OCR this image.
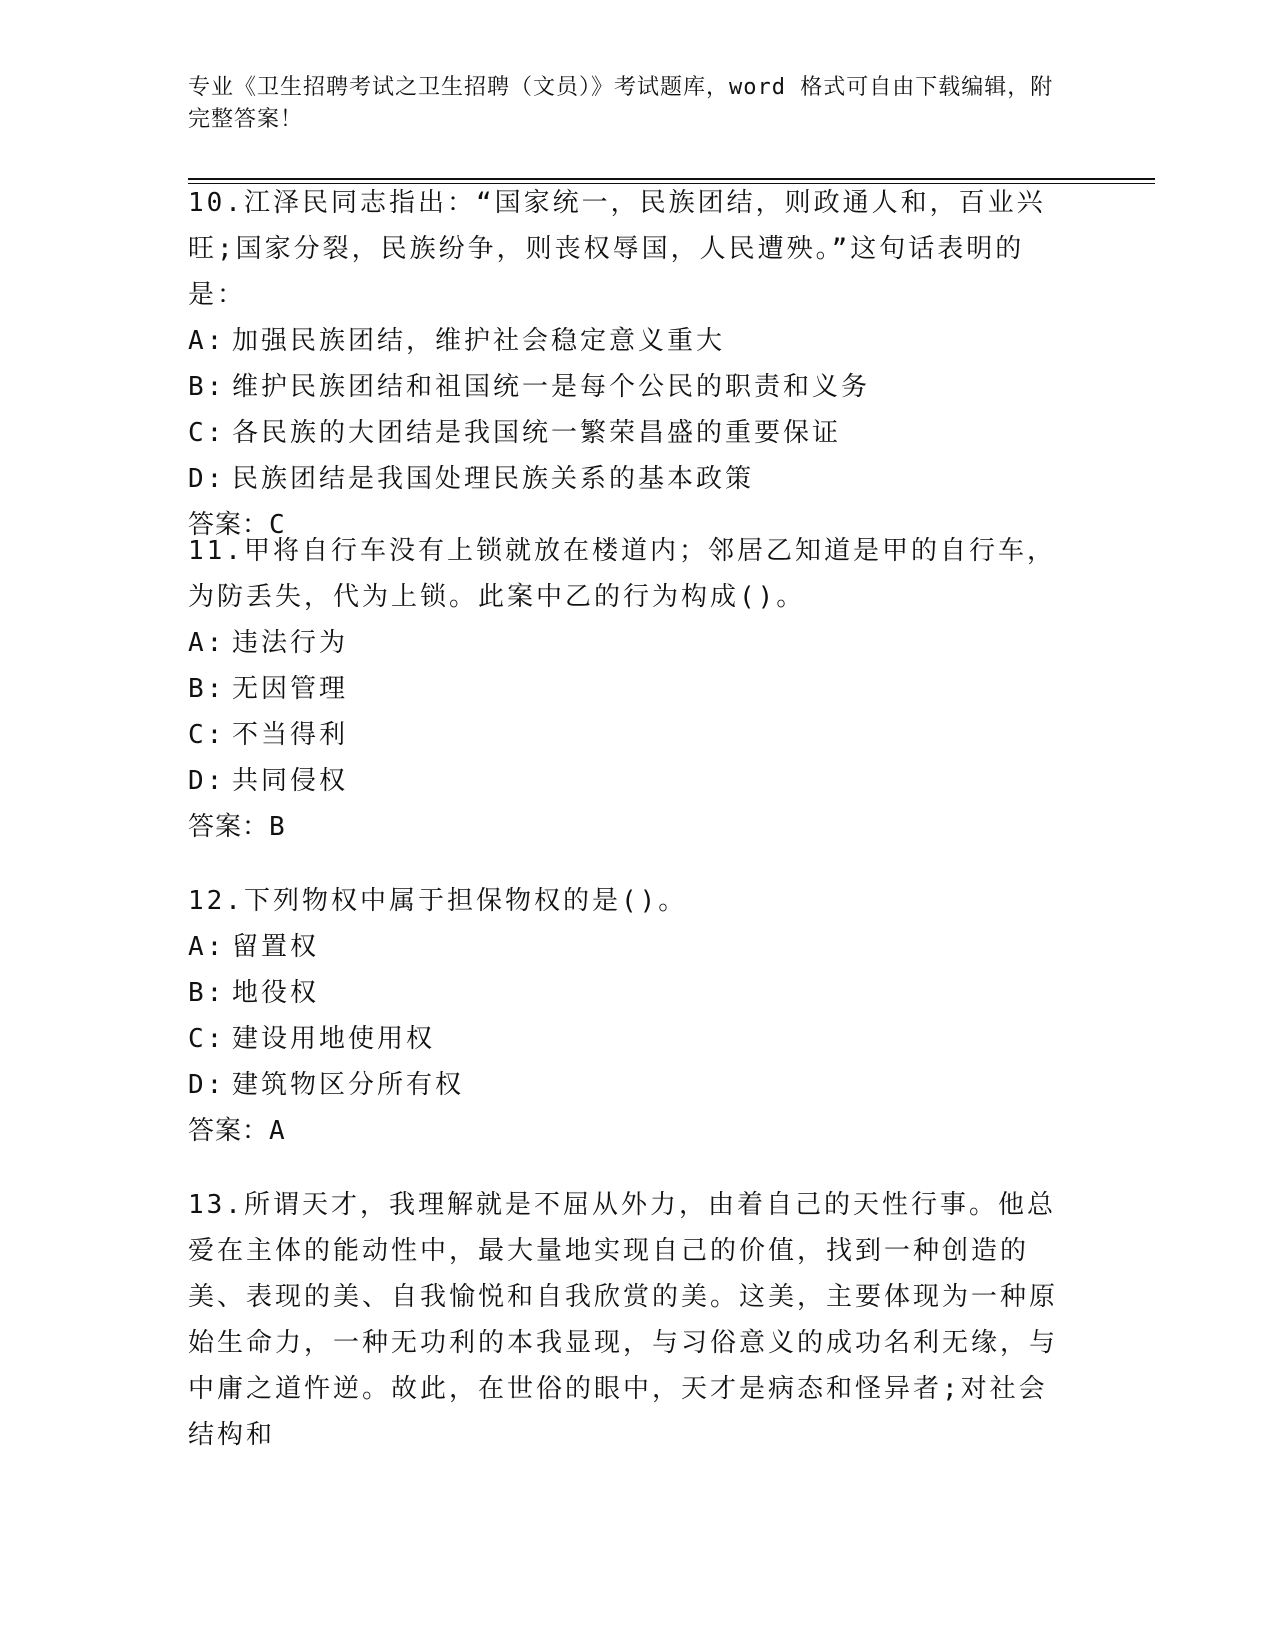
专业《卫生招聘考试之卫生招聘（文员）》考试题库，word 格式可自由下载编辑，附完整答案！
10.江泽民同志指出：“国家统一，民族团结，则政通人和，百业兴旺;国家分裂，民族纷争，则丧权辱国，人民遭殃。”这句话表明的是：
A: 加强民族团结，维护社会稳定意义重大
B: 维护民族团结和祖国统一是每个公民的职责和义务
C: 各民族的大团结是我国统一繁荣昌盛的重要保证
D: 民族团结是我国处理民族关系的基本政策
答案：C
11.甲将自行车没有上锁就放在楼道内；邻居乙知道是甲的自行车，为防丢失，代为上锁。此案中乙的行为构成()。
A: 违法行为
B: 无因管理
C: 不当得利
D: 共同侵权
答案：B
12.下列物权中属于担保物权的是()。
A: 留置权
B: 地役权
C: 建设用地使用权
D: 建筑物区分所有权
答案：A
13.所谓天才，我理解就是不屈从外力，由着自己的天性行事。他总爱在主体的能动性中，最大量地实现自己的价值，找到一种创造的美、表现的美、自我愉悦和自我欣赏的美。这美，主要体现为一种原始生命力，一种无功利的本我显现，与习俗意义的成功名利无缘，与中庸之道忤逆。故此，在世俗的眼中，天才是病态和怪异者;对社会结构和
